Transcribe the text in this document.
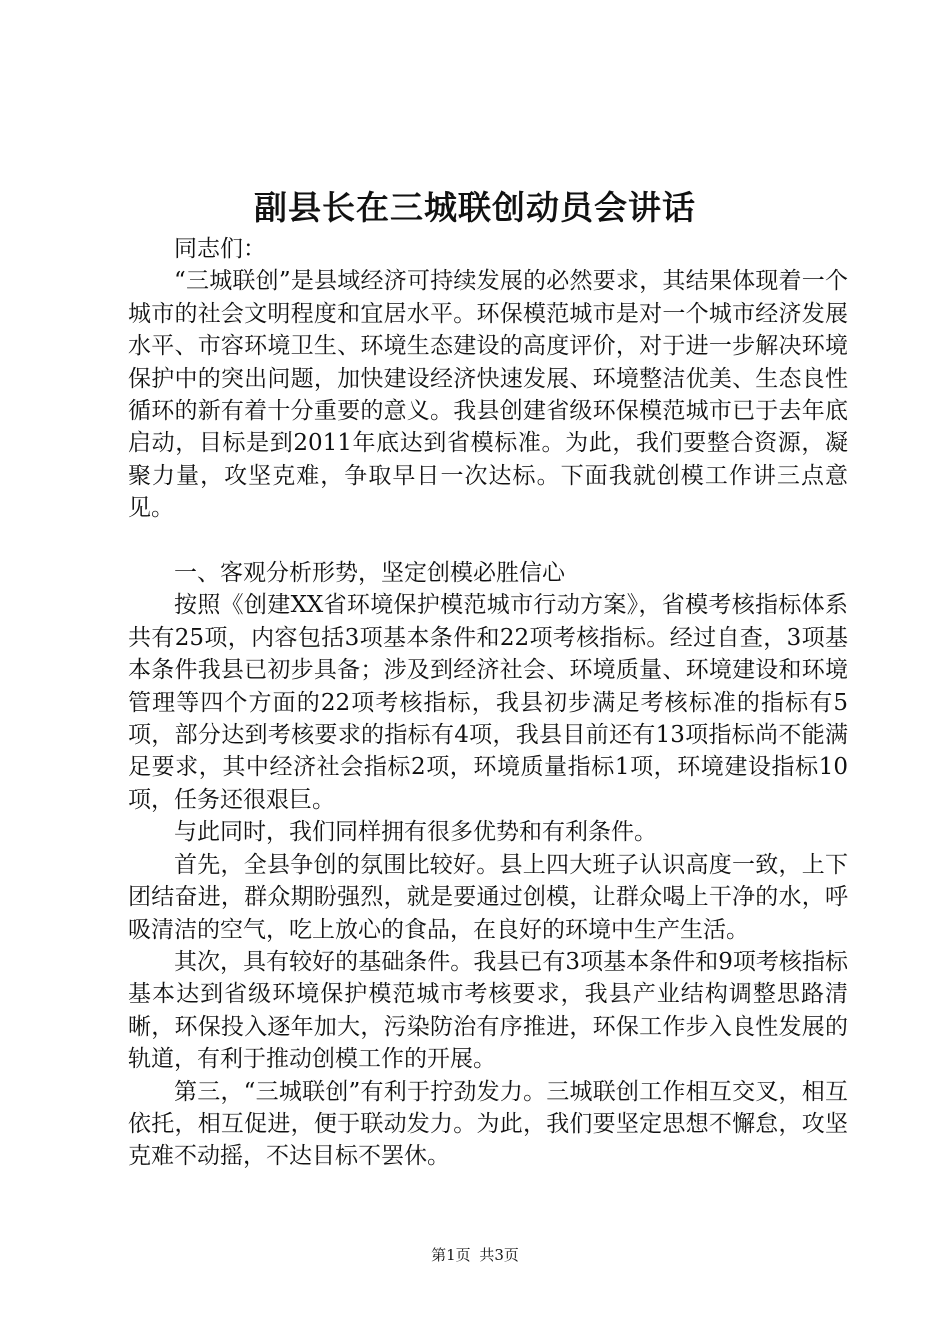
副县长在三城联创动员会讲话

同志们：

“三城联创”是县域经济可持续发展的必然要求，其结果体现着一个城市的社会文明程度和宜居水平。环保模范城市是对一个城市经济发展水平、市容环境卫生、环境生态建设的高度评价，对于进一步解决环境保护中的突出问题，加快建设经济快速发展、环境整洁优美、生态良性循环的新有着十分重要的意义。我县创建省级环保模范城市已于去年底启动，目标是到2011年底达到省模标准。为此，我们要整合资源，凝聚力量，攻坚克难，争取早日一次达标。下面我就创模工作讲三点意见。

一、客观分析形势，坚定创模必胜信心

按照《创建XX省环境保护模范城市行动方案》，省模考核指标体系共有25项，内容包括3项基本条件和22项考核指标。经过自查，3项基本条件我县已初步具备；涉及到经济社会、环境质量、环境建设和环境管理等四个方面的22项考核指标，我县初步满足考核标准的指标有5项，部分达到考核要求的指标有4项，我县目前还有13项指标尚不能满足要求，其中经济社会指标2项，环境质量指标1项，环境建设指标10项，任务还很艰巨。

与此同时，我们同样拥有很多优势和有利条件。

首先，全县争创的氛围比较好。县上四大班子认识高度一致，上下团结奋进，群众期盼强烈，就是要通过创模，让群众喝上干净的水，呼吸清洁的空气，吃上放心的食品，在良好的环境中生产生活。

其次，具有较好的基础条件。我县已有3项基本条件和9项考核指标基本达到省级环境保护模范城市考核要求，我县产业结构调整思路清晰，环保投入逐年加大，污染防治有序推进，环保工作步入良性发展的轨道，有利于推动创模工作的开展。

第三，“三城联创”有利于拧劲发力。三城联创工作相互交叉，相互依托，相互促进，便于联动发力。为此，我们要坚定思想不懈怠，攻坚克难不动摇，不达目标不罢休。

第1页 共3页
